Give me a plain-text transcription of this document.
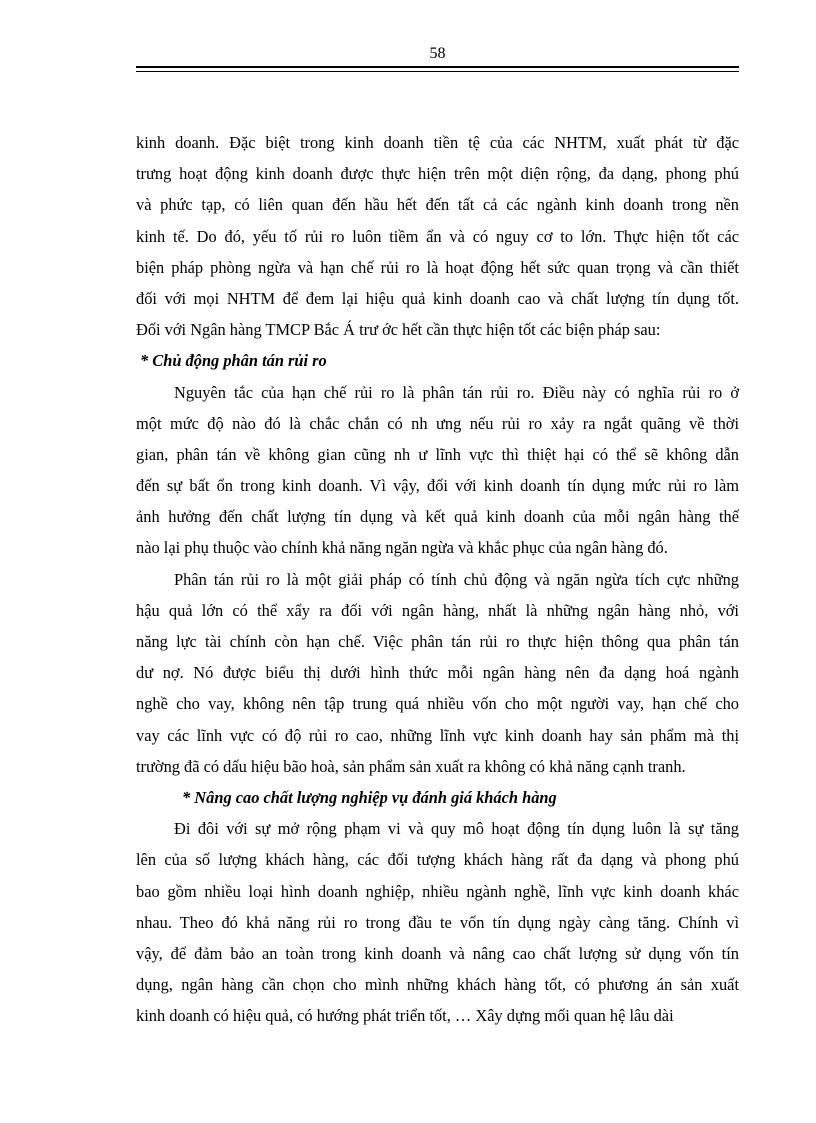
58
kinh doanh. Đặc biệt trong kinh doanh tiền tệ của các NHTM, xuất phát từ đặc
trưng hoạt động kinh doanh được thực hiện trên một diện rộng, đa dạng, phong phú
và phức tạp, có liên quan đến hầu hết đến tất cả các ngành kinh doanh trong nền
kinh tế. Do đó, yếu tố rủi ro luôn tiềm ẩn và có nguy cơ to lớn. Thực hiện tốt các
biện pháp phòng ngừa và hạn chế rủi ro là hoạt động hết sức quan trọng và cần thiết
đối với mọi NHTM để đem lại hiệu quả kinh doanh cao và chất lượng tín dụng tốt.
Đối với Ngân hàng TMCP Bắc Á trư ớc hết cần thực hiện tốt các biện pháp sau:
* Chủ động phân tán rủi ro
Nguyên tắc của hạn chế rủi ro là phân tán rủi ro. Điều này có nghĩa rủi ro ở
một mức độ nào đó là chắc chắn có nh ưng nếu rủi ro xảy ra ngắt quãng về thời
gian, phân tán về không gian cũng nh ư lĩnh vực thì thiệt hại có thể sẽ không dẫn
đến sự bất ổn trong kinh doanh. Vì vậy, đối với kinh doanh tín dụng mức rủi ro làm
ảnh hưởng đến chất lượng tín dụng và kết quả kinh doanh của mỗi ngân hàng thế
nào lại phụ thuộc vào chính khả năng ngăn ngừa và khắc phục của ngân hàng đó.
Phân tán rủi ro là một giải pháp có tính chủ động và ngăn ngừa tích cực những
hậu quả lớn có thể xẩy ra đối với ngân hàng, nhất là những ngân hàng nhỏ, với
năng lực tài chính còn hạn chế. Việc phân tán rủi ro thực hiện thông qua phân tán
dư nợ. Nó được biểu thị dưới hình thức mỗi ngân hàng nên đa dạng hoá ngành
nghề cho vay, không nên tập trung quá nhiều vốn cho một người vay, hạn chế cho
vay các lĩnh vực có độ rủi ro cao, những lĩnh vực kinh doanh hay sản phẩm mà thị
trường đã có dấu hiệu bão hoà, sản phẩm sản xuất ra không có khả năng cạnh tranh.
* Nâng cao chất lượng nghiệp vụ đánh giá khách hàng
Đi đôi với sự mở rộng phạm vi và quy mô hoạt động tín dụng luôn là sự tăng
lên của số lượng khách hàng, các đối tượng khách hàng rất đa dạng và phong phú
bao gồm nhiều loại hình doanh nghiệp, nhiều ngành nghề, lĩnh vực kinh doanh khác
nhau. Theo đó khả năng rủi ro trong đầu te vốn tín dụng ngày càng tăng. Chính vì
vậy, để đảm bảo an toàn trong kinh doanh và nâng cao chất lượng sử dụng vốn tín
dụng, ngân hàng cần chọn cho mình những khách hàng tốt, có phương án sản xuất
kinh doanh có hiệu quả, có hướng phát triển tốt, … Xây dựng mối quan hệ lâu dài
